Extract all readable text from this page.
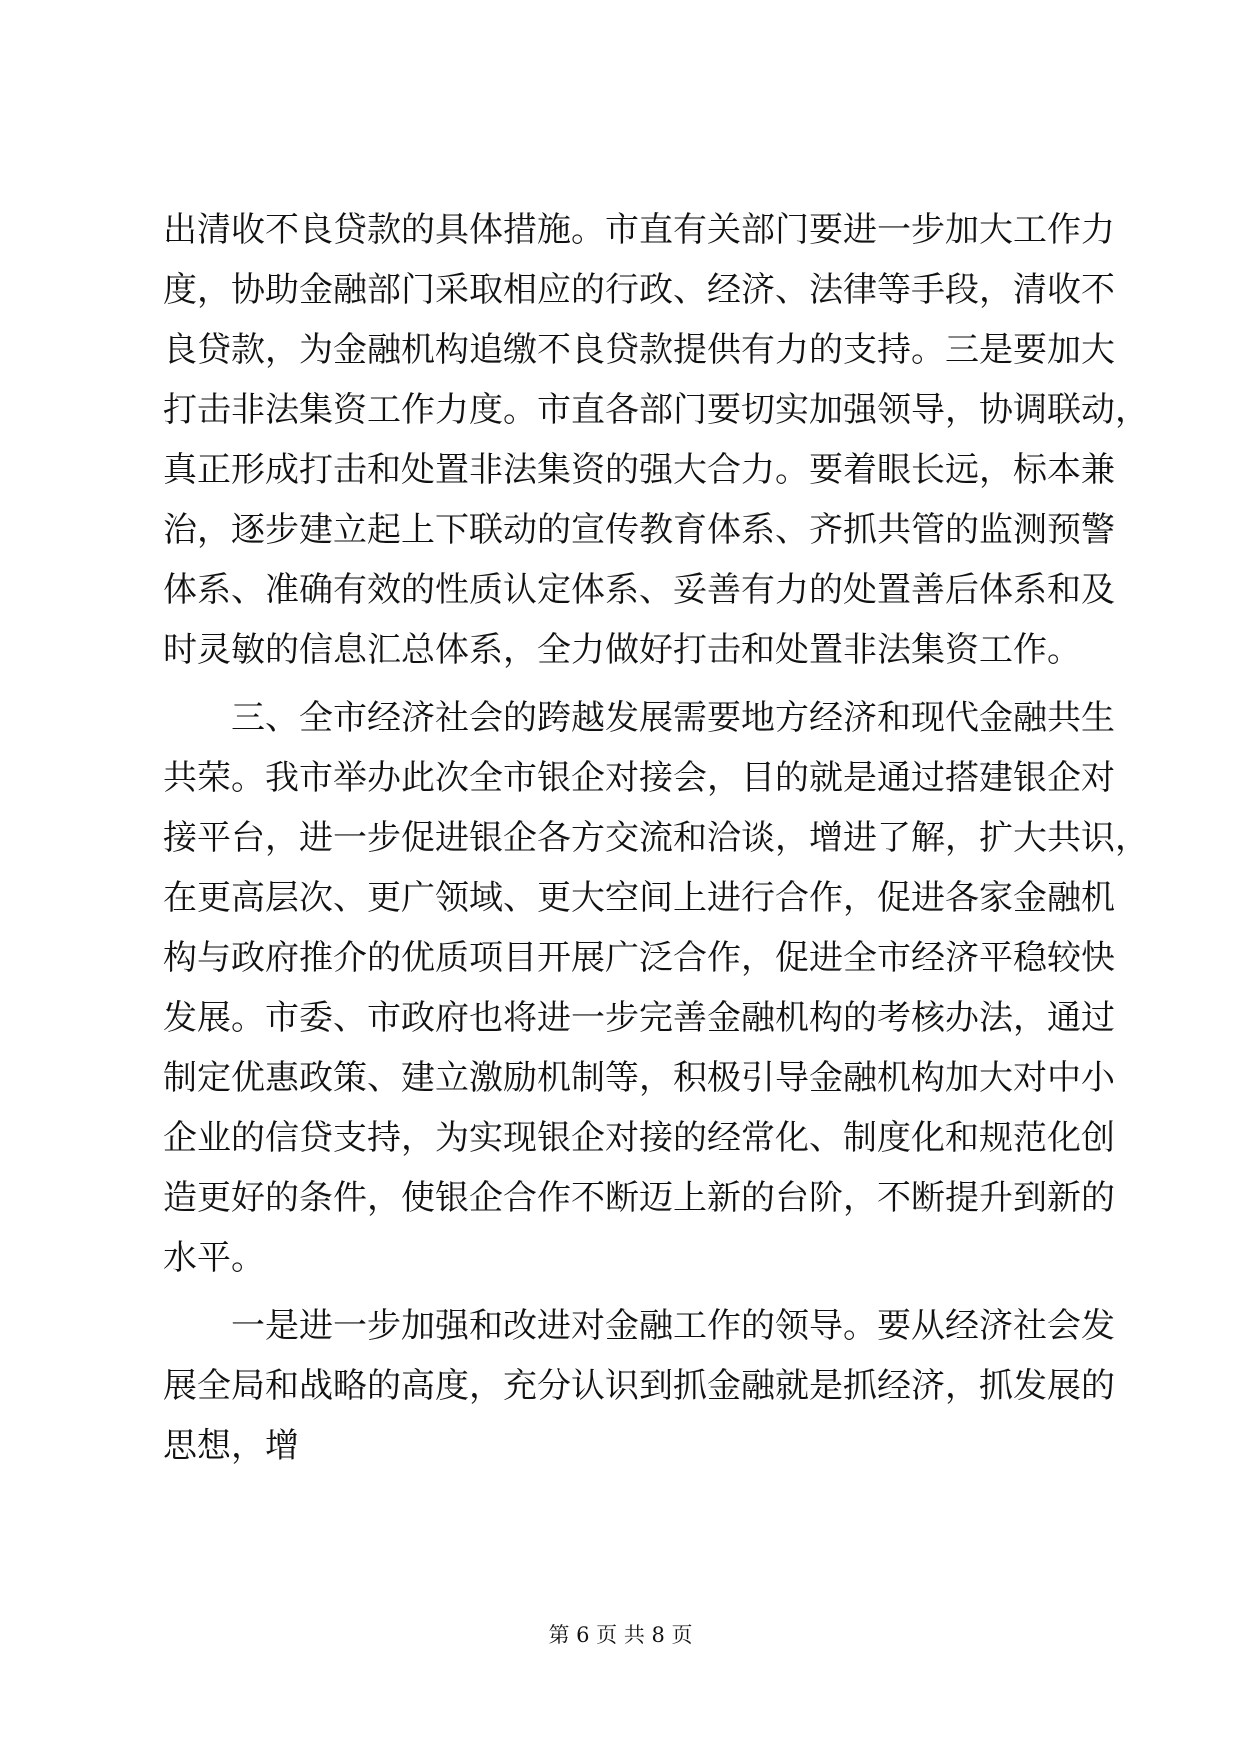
出清收不良贷款的具体措施。市直有关部门要进一步加大工作力
度，协助金融部门采取相应的行政、经济、法律等手段，清收不
良贷款，为金融机构追缴不良贷款提供有力的支持。三是要加大
打击非法集资工作力度。市直各部门要切实加强领导，协调联动，
真正形成打击和处置非法集资的强大合力。要着眼长远，标本兼
治，逐步建立起上下联动的宣传教育体系、齐抓共管的监测预警
体系、准确有效的性质认定体系、妥善有力的处置善后体系和及
时灵敏的信息汇总体系，全力做好打击和处置非法集资工作。
三、全市经济社会的跨越发展需要地方经济和现代金融共生
共荣。我市举办此次全市银企对接会，目的就是通过搭建银企对
接平台，进一步促进银企各方交流和洽谈，增进了解，扩大共识，
在更高层次、更广领域、更大空间上进行合作，促进各家金融机
构与政府推介的优质项目开展广泛合作，促进全市经济平稳较快
发展。市委、市政府也将进一步完善金融机构的考核办法，通过
制定优惠政策、建立激励机制等，积极引导金融机构加大对中小
企业的信贷支持，为实现银企对接的经常化、制度化和规范化创
造更好的条件，使银企合作不断迈上新的台阶，不断提升到新的
水平。
一是进一步加强和改进对金融工作的领导。要从经济社会发
展全局和战略的高度，充分认识到抓金融就是抓经济，抓发展的
思想，增
第 6 页 共 8 页
